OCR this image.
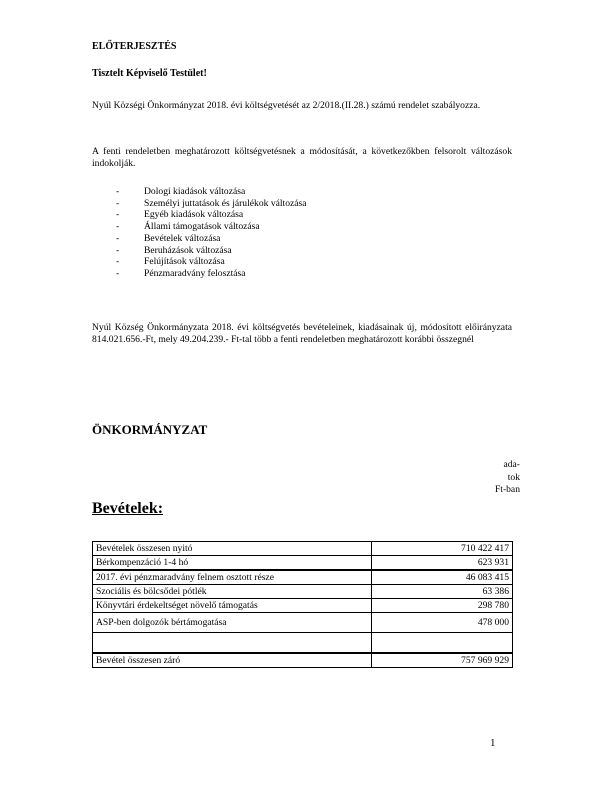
ELŐTERJESZTÉS
Tisztelt Képviselő Testület!
Nyúl Községi Önkormányzat 2018. évi költségvetését az 2/2018.(II.28.) számú rendelet szabályozza.
A fenti rendeletben meghatározott költségvetésnek a módosítását, a következőkben felsorolt változások indokolják.
-	Dologi kiadások változása
-	Személyi juttatások és járulékok változása
-	Egyéb kiadások változása
-	Állami támogatások változása
-	Bevételek változása
-	Beruházások változása
-	Felújítások változása
-	Pénzmaradvány felosztása
Nyúl Község Önkormányzata 2018. évi költségvetés bevételeinek, kiadásainak új, módosított előirányzata 814.021.656.-Ft, mely 49.204.239.- Ft-tal több a fenti rendeletben meghatározott korábbi összegnél
ÖNKORMÁNYZAT
ada-
tok
Ft-ban
Bevételek:
Bevételek összesen nyitó	710 422 417
Bérkompenzáció 1-4 hó	623 931
2017. évi pénzmaradvány felnem osztott része	46 083 415
Szociális és bölcsődei pótlék	63 386
Könyvtári érdekeltséget növelő támogatás	298 780
ASP-ben dolgozók bértámogatása	478 000

Bevétel összesen záró	757 969 929
1
